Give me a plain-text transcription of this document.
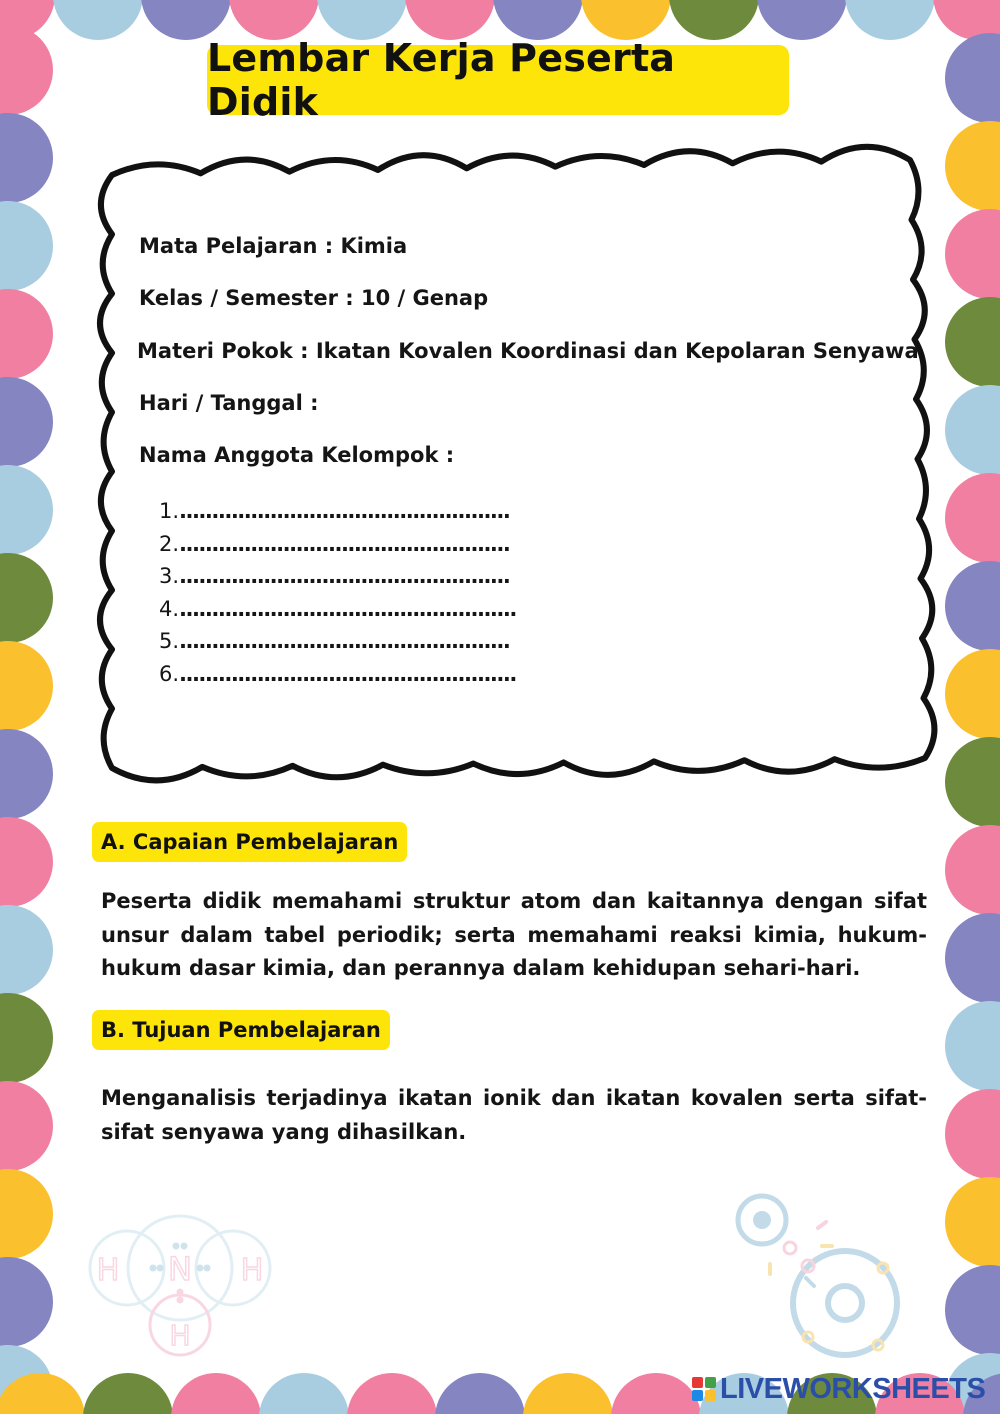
Lembar Kerja Peserta Didik
Mata Pelajaran : Kimia
Kelas / Semester : 10 / Genap
Materi Pokok : Ikatan Kovalen Koordinasi dan Kepolaran Senyawa
Hari / Tanggal :
Nama Anggota Kelompok :
1....................................................
2....................................................
3....................................................
4.....................................................
5....................................................
6.....................................................
A. Capaian Pembelajaran
Peserta didik memahami struktur atom dan kaitannya dengan sifat unsur dalam tabel periodik; serta memahami reaksi kimia, hukum-hukum dasar kimia, dan perannya dalam kehidupan sehari-hari.
B. Tujuan Pembelajaran
Menganalisis terjadinya ikatan ionik dan ikatan kovalen serta sifat-sifat senyawa yang dihasilkan.
N
H	H
H
LIVEWORKSHEETS
